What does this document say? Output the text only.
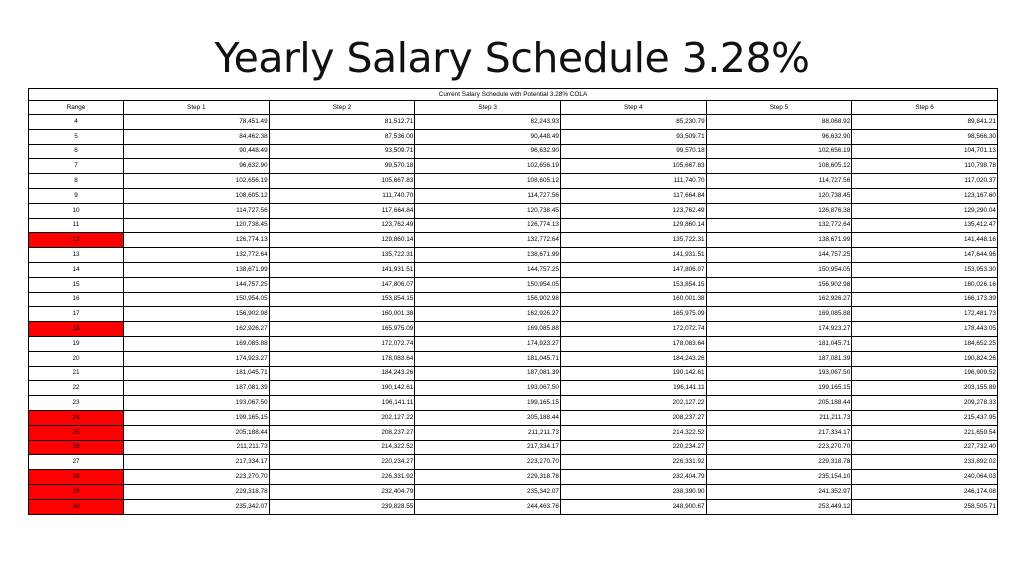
Yearly Salary Schedule 3.28%
Current Salary Schedule with Potential 3.28% COLA						
Range	Step 1	Step 2	Step 3	Step 4	Step 5	Step 6
4	78,451.49	81,512.71	82,243.93	85,230.79	88,068.92	89,841.21
5	84,462.38	87,536.00	90,448.49	93,509.71	96,632.90	98,566.30
6	90,448.49	93,509.71	96,632.90	99,570.18	102,656.19	104,701.13
7	96,632.90	99,570.18	102,656.19	105,667.83	108,605.12	110,798.78
8	102,656.19	105,667.83	108,605.12	111,740.70	114,727.56	117,020.37
9	108,605.12	111,740.70	114,727.56	117,664.84	120,738.45	123,167.60
10	114,727.56	117,664.84	120,738.45	123,762.49	126,876.38	129,290.04
11	120,738.45	123,762.49	126,774.13	129,860.14	132,772.64	135,412.47
12	126,774.13	129,860.14	132,772.64	135,722.31	138,671.99	141,448.16
13	132,772.64	135,722.31	138,671.99	141,931.51	144,757.25	147,644.96
14	138,671.99	141,931.51	144,757.25	147,806.07	150,954.05	153,953.30
15	144,757.25	147,806.07	150,954.05	153,854.15	156,902.98	160,026.16
16	150,954.05	153,854.15	156,902.98	160,001.38	162,926.27	166,173.39
17	156,902.98	160,001.38	162,926.27	165,975.09	169,085.88	172,481.73
18	162,926.27	165,975.09	169,085.88	172,072.74	174,923.27	178,443.05
19	169,085.88	172,072.74	174,923.27	178,083.64	181,045.71	184,652.25
20	174,923.27	178,083.64	181,045.71	184,243.26	187,081.39	190,824.26
21	181,045.71	184,243.26	187,081.39	190,142.61	193,067.50	196,909.52
22	187,081.39	190,142.61	193,067.50	196,141.11	199,165.15	203,155.89
23	193,067.50	196,141.11	199,165.15	202,127.22	205,188.44	209,278.33
24	199,165.15	202,127.22	205,188.44	208,237.27	211,211.73	215,437.95
25	205,188.44	208,237.27	211,211.73	214,322.52	217,334.17	221,659.54
26	211,211.73	214,322.52	217,334.17	220,234.27	223,270.70	227,732.40
27	217,334.17	220,234.27	223,270.70	226,331.92	229,318.78	233,892.02
28	223,270.70	226,331.92	229,318.78	232,404.79	235,154.10	240,064.03
29	229,318.78	232,404.79	235,342.07	238,390.90	241,352.97	246,174.08
30	235,342.07	239,828.55	244,463.76	248,900.67	253,449.12	258,505.71
